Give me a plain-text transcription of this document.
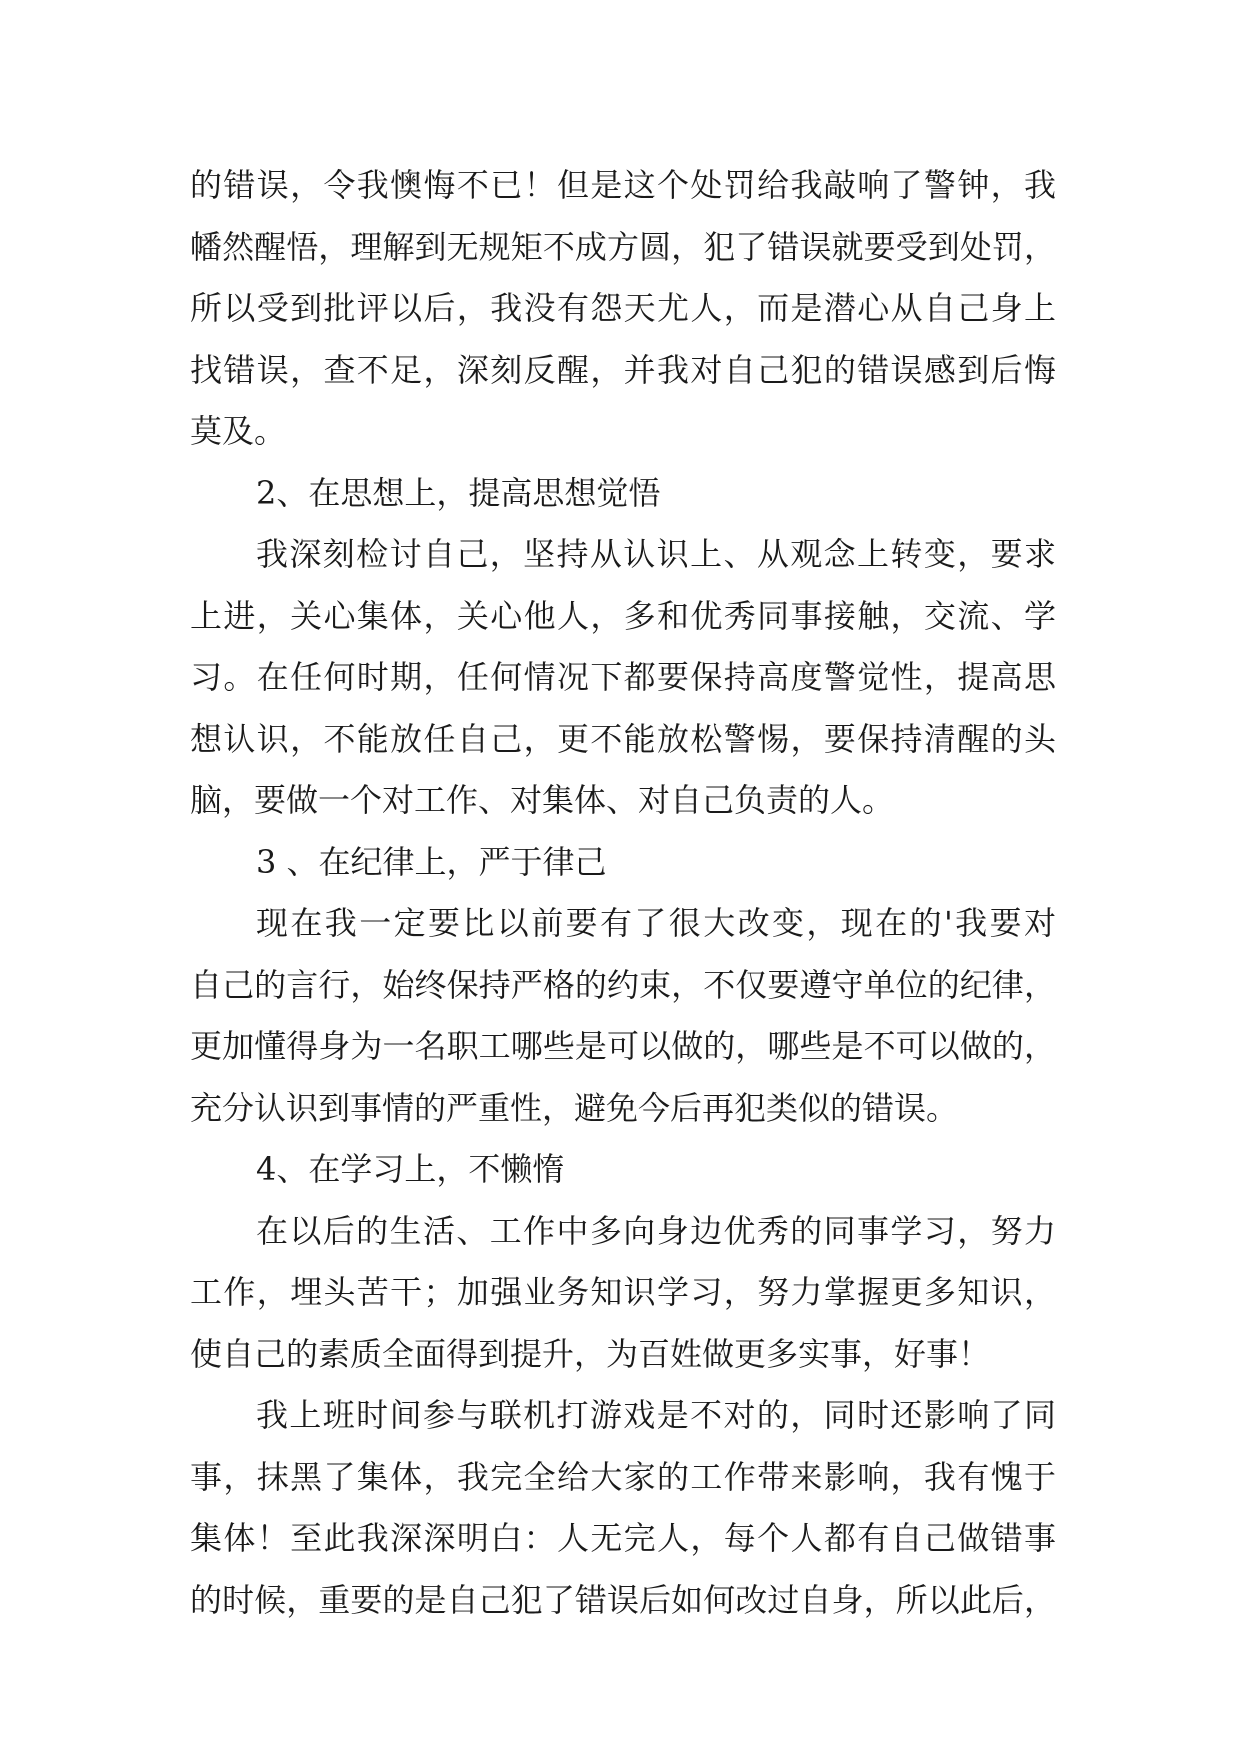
的错误，令我懊悔不已！但是这个处罚给我敲响了警钟，我
幡然醒悟，理解到无规矩不成方圆，犯了错误就要受到处罚，
所以受到批评以后，我没有怨天尤人，而是潜心从自己身上
找错误，查不足，深刻反醒，并我对自己犯的错误感到后悔
莫及。
2、在思想上，提高思想觉悟
我深刻检讨自己，坚持从认识上、从观念上转变，要求
上进，关心集体，关心他人，多和优秀同事接触，交流、学
习。在任何时期，任何情况下都要保持高度警觉性，提高思
想认识，不能放任自己，更不能放松警惕，要保持清醒的头
脑，要做一个对工作、对集体、对自己负责的人。
3 、在纪律上，严于律己
现在我一定要比以前要有了很大改变，现在的'我要对
自己的言行，始终保持严格的约束，不仅要遵守单位的纪律，
更加懂得身为一名职工哪些是可以做的，哪些是不可以做的，
充分认识到事情的严重性，避免今后再犯类似的错误。
4、在学习上，不懒惰
在以后的生活、工作中多向身边优秀的同事学习，努力
工作，埋头苦干；加强业务知识学习，努力掌握更多知识，
使自己的素质全面得到提升，为百姓做更多实事，好事！
我上班时间参与联机打游戏是不对的，同时还影响了同
事，抹黑了集体，我完全给大家的工作带来影响，我有愧于
集体！至此我深深明白：人无完人，每个人都有自己做错事
的时候，重要的是自己犯了错误后如何改过自身，所以此后，
